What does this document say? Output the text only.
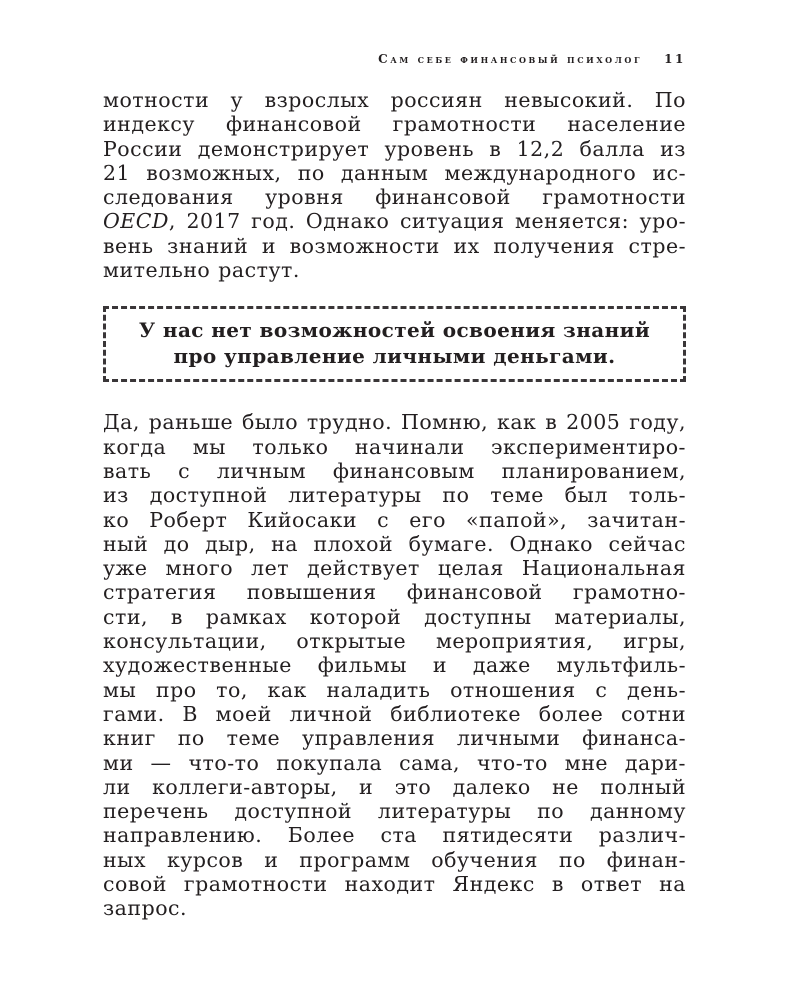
Сам себе финансовый психолог 11

мотности у взрослых россиян невысокий. По
индексу финансовой грамотности население
России демонстрирует уровень в 12,2 балла из
21 возможных, по данным международного ис-
следования уровня финансовой грамотности
OECD, 2017 год. Однако ситуация меняется: уро-
вень знаний и возможности их получения стре-
мительно растут.

У нас нет возможностей освоения знаний
про управление личными деньгами.

Да, раньше было трудно. Помню, как в 2005 году,
когда мы только начинали экспериментиро-
вать с личным финансовым планированием,
из доступной литературы по теме был толь-
ко Роберт Кийосаки с его «папой», зачитан-
ный до дыр, на плохой бумаге. Однако сейчас
уже много лет действует целая Национальная
стратегия повышения финансовой грамотно-
сти, в рамках которой доступны материалы,
консультации, открытые мероприятия, игры,
художественные фильмы и даже мультфиль-
мы про то, как наладить отношения с день-
гами. В моей личной библиотеке более сотни
книг по теме управления личными финанса-
ми — что-то покупала сама, что-то мне дари-
ли коллеги-авторы, и это далеко не полный
перечень доступной литературы по данному
направлению. Более ста пятидесяти различ-
ных курсов и программ обучения по финан-
совой грамотности находит Яндекс в ответ на
запрос.
